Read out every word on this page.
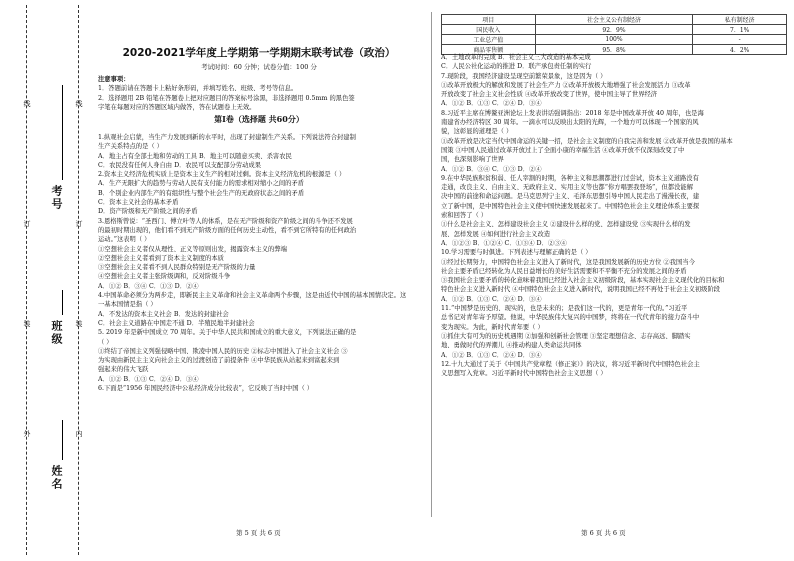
线
订
装
外
线
订
装
内
考号
班级
姓名
2020-2021学年度上学期第一学期期末联考试卷（政治）
考试时间：60 分钟；试卷分值：100 分
注意事项：
1．答题前请在答题卡上粘好条形码，并填写姓名、班级、考号等信息。
2．选择题用 2B 铅笔在答题卷上把对应题目的答案标号涂黑，非选择题用 0.5mm 的黑色签
字笔在每题对应的答题区域内做答，答在试题卷上无效。
第Ⅰ卷（选择题 共60分）
1.纵观社会启蒙，当生产力发展到新的水平时，出现了封建制生产关系。下列说法符合封建制
生产关系特点的是（ ）
A．地主占有全部土地和劳动的工具 B．地主可以随意买卖、杀害农民
C．农民没有任何人身自由 D．农民可以支配部分劳动成果
2.资本主义经济危机实质上是资本主义生产的相对过剩。资本主义经济危机的根源是（ ）
A．生产无限扩大的趋势与劳动人民有支付能力的需求相对缩小之间的矛盾
B．个别企业内部生产的有组织性与整个社会生产的无政府状态之间的矛盾
C．资本主义社会的基本矛盾
D．资产阶级和无产阶级之间的矛盾
3.恩格斯曾说：“圣西门、傅立叶等人的体系，是在无产阶级和资产阶级之间的斗争还不发展
的最初时期出现的，他们看不到无产阶级方面的任何历史主动性，看不到它所特有的任何政治
运动。”这表明（ ）
①空想社会主义者仅从理性、正义等原则出发，揭露资本主义的弊端
②空想社会主义者看到了资本主义制度的本质
③空想社会主义者看不到人民群众特别是无产阶级的力量
④空想社会主义者主张阶级调和，反对阶级斗争
A．①② B．③④ C．①③ D．②④
4.中国革命必须分为两步走，即新民主主义革命和社会主义革命两个步骤，这是由近代中国的基本国情决定。这
一基本国情是指（ ）
A．不发达的资本主义社会 B．发达的封建社会
C．社会主义道路在中国走不通 D．半殖民地半封建社会
5. 2019 年是新中国成立 70 周年。关于中华人民共和国成立的重大意义，下列说法正确的是
（ ）
①终结了帝国主义列强侵略中国、欺凌中国人民的历史 ②标志中国进入了社会主义社会 ③
为实现由新民主主义向社会主义的过渡创造了前提条件 ④中华民族从站起来到富起来到
强起来的伟大飞跃
A．①② B．①③ C．②④ D．③④
6.下面是“1956 年国民经济中公私经济成分比较表”，它反映了当时中国（ ）
第 5 页 共 6 页
项目	社会主义公有制经济	私有制经济
国民收入	92．9%	7．1%
工业总产值	100%	-
商品零售额	95．8%	4．2%
A．土地改革的完成 B．社会主义三大改造的基本完成
C．人民公社化运动的推进 D．联产承包责任制的实行
7.现阶段，我国经济建设呈现空前繁荣景象，这是因为（ ）
①改革开放极大的解放和发展了社会生产力 ②改革开放极大地增强了社会发展活力 ③改革
开放改变了社会主义社会性质 ④改革开放改变了世界，使中国主导了世界经济
A．①② B．①③ C．②④ D．③④
8.习近平主席在博鳌亚洲论坛上发表讲话强调指出：2018 年是中国改革开放 40 周年，也是海
南建省办经济特区 30 周年。一滴水可以反映出太阳的光辉，一个地方可以体现一个国家的风
貌，这彰显的道理是（ ）
①改革开放是决定当代中国命运的关键一招，是社会主义制度的自我完善和发展 ②改革开放是我国的基本
国策 ③中国人民通过改革开放过上了全面小康的幸福生活 ④改革开放不仅深刻改变了中
国，也深刻影响了世界
A．①② B．③④ C．①③ D．②④
9.在中华民族积贫积弱、任人宰割的时期，各种主义和思潮都进行过尝试，资本主义道路没有
走通，改良主义、自由主义、无政府主义、实用主义等也都“你方唱罢我登场”，但都没能解
决中国的前途和命运问题。是马克思列宁主义、毛泽东思想引导中国人民走出了漫漫长夜，建
立了新中国，是中国特色社会主义使中国快速发展起来了。中国特色社会主义理论体系主要探
索和回答了（ ）
①什么是社会主义、怎样建设社会主义 ②建设什么样的党、怎样建设党 ③实现什么样的发
展、怎样发展 ④如何进行社会主义改造
A．①②③ B．①②④ C．①③④ D．②③④
10.学习需要与时俱进。下列表述与理解正确的是（ ）
①经过长期努力，中国特色社会主义进入了新时代，这是我国发展新的历史方位 ②我国当今
社会主要矛盾已经转化为人民日益增长的美好生活需要和不平衡不充分的发展之间的矛盾
③我国社会主要矛盾的转化意味着我国已经进入社会主义初级阶段，基本实现社会主义现代化的目标和
特色社会主义进入新时代 ④中国特色社会主义进入新时代，说明我国已经不再处于社会主义初级阶段
A．①② B．①③ C．②④ D．③④
11.“中国梦是历史的、现实的，也是未来的；是我们这一代的，更是青年一代的。”习近平
总书记对青年寄予厚望。他说，中华民族伟大复兴的中国梦，终将在一代代青年的接力奋斗中
变为现实。为此，新时代青年要（ ）
①抓住大有可为的历史机遇期 ②加强和创新社会管理 ③坚定理想信念、志存高远、脚踏实
地、勇做时代的弄潮儿 ④推动构建人类命运共同体
A．①② B．①③ C．②④ D．③④
12.十九大通过了关于《中国共产党章程（修正案）》的决议，将习近平新时代中国特色社会主
义思想写入党章。习近平新时代中国特色社会主义思想（ ）
第 6 页 共 6 页
